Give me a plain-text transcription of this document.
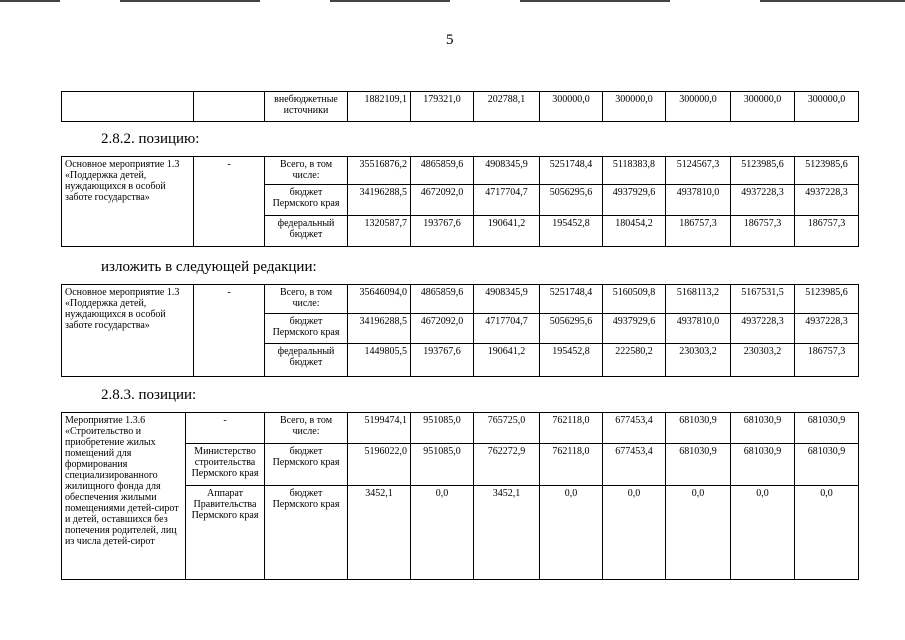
5
		внебюджетные источники	1882109,1	179321,0	202788,1	300000,0	300000,0	300000,0	300000,0	300000,0
2.8.2. позицию:
Основное мероприятие 1.3 «Поддержка детей, нуждающихся в особой заботе государства»	-	Всего, в том числе:	35516876,2	4865859,6	4908345,9	5251748,4	5118383,8	5124567,3	5123985,6	5123985,6
		бюджет Пермского края	34196288,5	4672092,0	4717704,7	5056295,6	4937929,6	4937810,0	4937228,3	4937228,3
		федеральный бюджет	1320587,7	193767,6	190641,2	195452,8	180454,2	186757,3	186757,3	186757,3
изложить в следующей редакции:
Основное мероприятие 1.3 «Поддержка детей, нуждающихся в особой заботе государства»	-	Всего, в том числе:	35646094,0	4865859,6	4908345,9	5251748,4	5160509,8	5168113,2	5167531,5	5123985,6
		бюджет Пермского края	34196288,5	4672092,0	4717704,7	5056295,6	4937929,6	4937810,0	4937228,3	4937228,3
		федеральный бюджет	1449805,5	193767,6	190641,2	195452,8	222580,2	230303,2	230303,2	186757,3
2.8.3. позиции:
Мероприятие 1.3.6 «Строительство и приобретение жилых помещений для формирования специализированного жилищного фонда для обеспечения жилыми помещениями детей-сирот и детей, оставшихся без попечения родителей, лиц из числа детей-сирот	-	Всего, в том числе:	5199474,1	951085,0	765725,0	762118,0	677453,4	681030,9	681030,9	681030,9
	Министерство строительства Пермского края	бюджет Пермского края	5196022,0	951085,0	762272,9	762118,0	677453,4	681030,9	681030,9	681030,9
	Аппарат Правительства Пермского края	бюджет Пермского края	3452,1	0,0	3452,1	0,0	0,0	0,0	0,0	0,0
